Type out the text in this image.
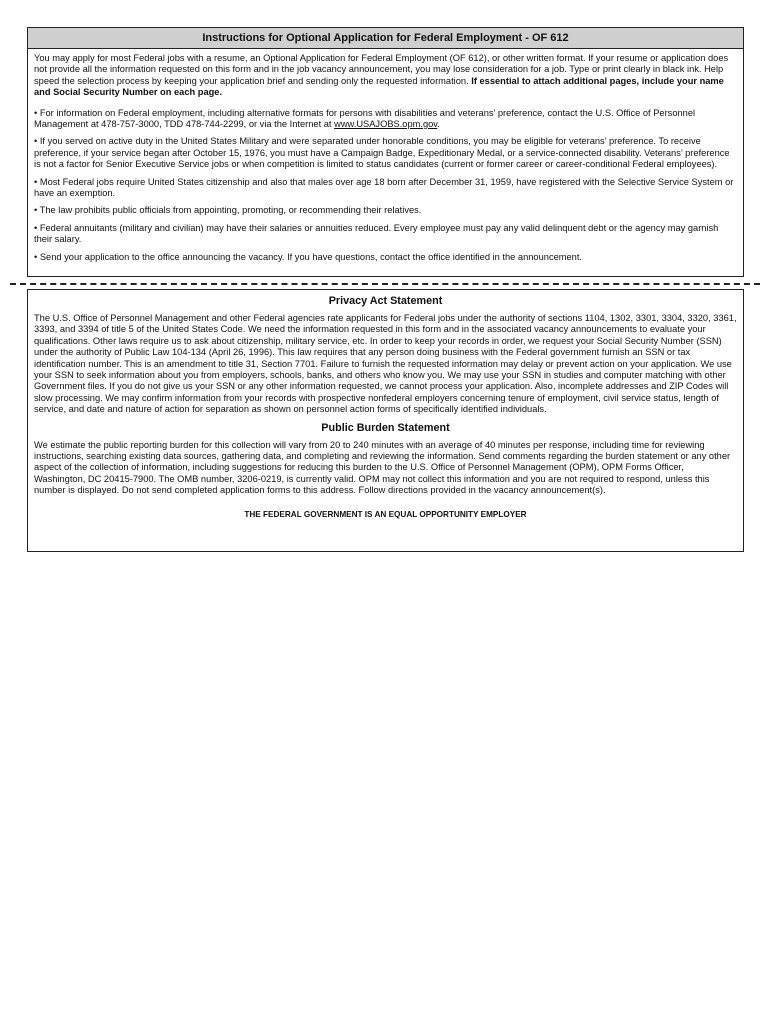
Instructions for Optional Application for Federal Employment - OF 612

You may apply for most Federal jobs with a resume, an Optional Application for Federal Employment (OF 612), or other written format. If your resume or application does not provide all the information requested on this form and in the job vacancy announcement, you may lose consideration for a job. Type or print clearly in black ink. Help speed the selection process by keeping your application brief and sending only the requested information. If essential to attach additional pages, include your name and Social Security Number on each page.

• For information on Federal employment, including alternative formats for persons with disabilities and veterans’ preference, contact the U.S. Office of Personnel Management at 478-757-3000, TDD 478-744-2299, or via the Internet at www.USAJOBS.opm.gov.

• If you served on active duty in the United States Military and were separated under honorable conditions, you may be eligible for veterans’ preference. To receive preference, if your service began after October 15, 1976, you must have a Campaign Badge, Expeditionary Medal, or a service-connected disability. Veterans’ preference is not a factor for Senior Executive Service jobs or when competition is limited to status candidates (current or former career or career-conditional Federal employees).

• Most Federal jobs require United States citizenship and also that males over age 18 born after December 31, 1959, have registered with the Selective Service System or have an exemption.

• The law prohibits public officials from appointing, promoting, or recommending their relatives.

• Federal annuitants (military and civilian) may have their salaries or annuities reduced. Every employee must pay any valid delinquent debt or the agency may garnish their salary.

• Send your application to the office announcing the vacancy. If you have questions, contact the office identified in the announcement.

Privacy Act Statement

The U.S. Office of Personnel Management and other Federal agencies rate applicants for Federal jobs under the authority of sections 1104, 1302, 3301, 3304, 3320, 3361, 3393, and 3394 of title 5 of the United States Code. We need the information requested in this form and in the associated vacancy announcements to evaluate your qualifications. Other laws require us to ask about citizenship, military service, etc. In order to keep your records in order, we request your Social Security Number (SSN) under the authority of Public Law 104-134 (April 26, 1996). This law requires that any person doing business with the Federal government furnish an SSN or tax identification number. This is an amendment to title 31, Section 7701. Failure to furnish the requested information may delay or prevent action on your application. We use your SSN to seek information about you from employers, schools, banks, and others who know you. We may use your SSN in studies and computer matching with other Government files. If you do not give us your SSN or any other information requested, we cannot process your application. Also, incomplete addresses and ZIP Codes will slow processing. We may confirm information from your records with prospective nonfederal employers concerning tenure of employment, civil service status, length of service, and date and nature of action for separation as shown on personnel action forms of specifically identified individuals.

Public Burden Statement

We estimate the public reporting burden for this collection will vary from 20 to 240 minutes with an average of 40 minutes per response, including time for reviewing instructions, searching existing data sources, gathering data, and completing and reviewing the information. Send comments regarding the burden statement or any other aspect of the collection of information, including suggestions for reducing this burden to the U.S. Office of Personnel Management (OPM), OPM Forms Officer, Washington, DC 20415-7900. The OMB number, 3206-0219, is currently valid. OPM may not collect this information and you are not required to respond, unless this number is displayed. Do not send completed application forms to this address. Follow directions provided in the vacancy announcement(s).

THE FEDERAL GOVERNMENT IS AN EQUAL OPPORTUNITY EMPLOYER
